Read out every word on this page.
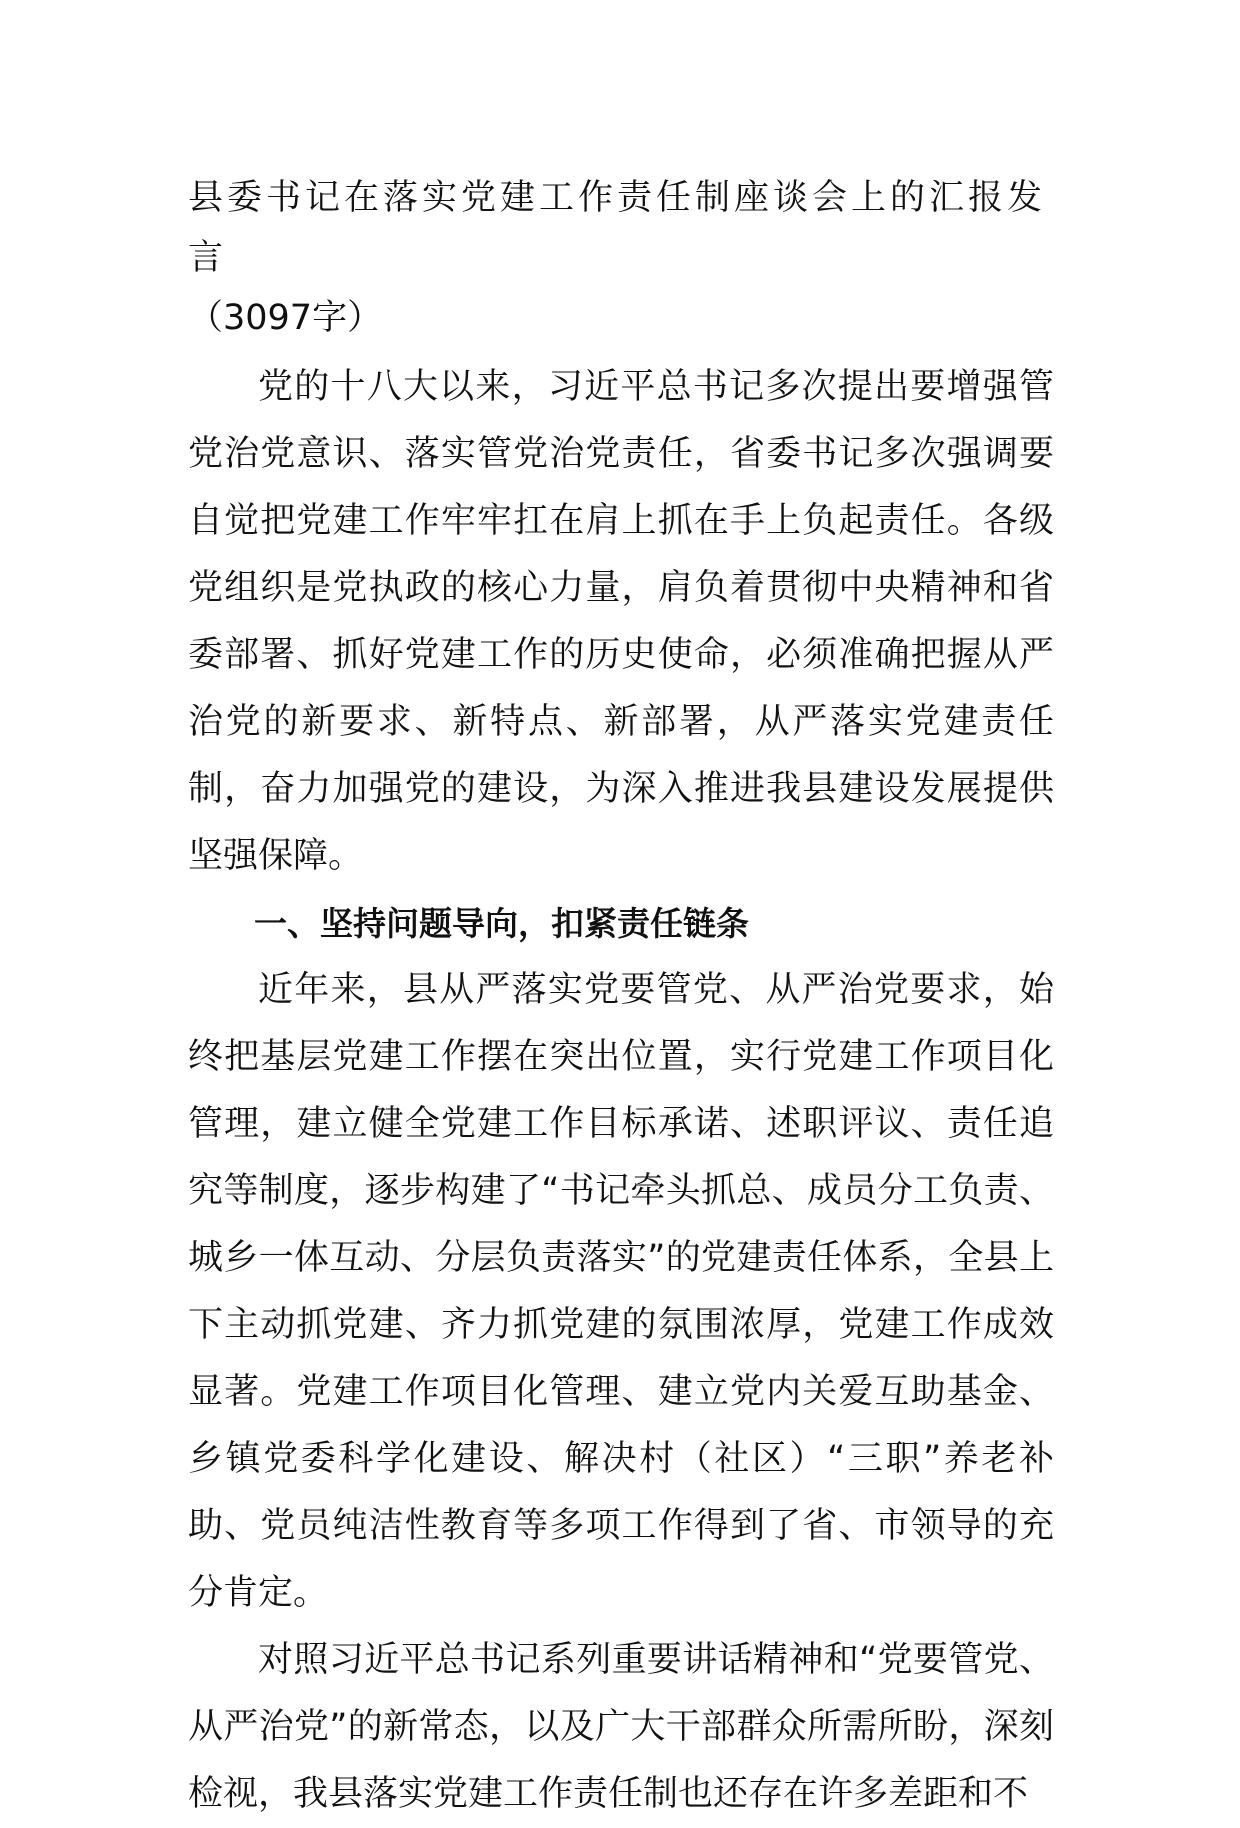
县委书记在落实党建工作责任制座谈会上的汇报发言

（3097字）

党的十八大以来，习近平总书记多次提出要增强管党治党意识、落实管党治党责任，省委书记多次强调要自觉把党建工作牢牢扛在肩上抓在手上负起责任。各级党组织是党执政的核心力量，肩负着贯彻中央精神和省委部署、抓好党建工作的历史使命，必须准确把握从严治党的新要求、新特点、新部署，从严落实党建责任制，奋力加强党的建设，为深入推进我县建设发展提供坚强保障。

一、坚持问题导向，扣紧责任链条

近年来，县从严落实党要管党、从严治党要求，始终把基层党建工作摆在突出位置，实行党建工作项目化管理，建立健全党建工作目标承诺、述职评议、责任追究等制度，逐步构建了“书记牵头抓总、成员分工负责、城乡一体互动、分层负责落实”的党建责任体系，全县上下主动抓党建、齐力抓党建的氛围浓厚，党建工作成效显著。党建工作项目化管理、建立党内关爱互助基金、乡镇党委科学化建设、解决村（社区）“三职”养老补助、党员纯洁性教育等多项工作得到了省、市领导的充分肯定。

对照习近平总书记系列重要讲话精神和“党要管党、从严治党”的新常态，以及广大干部群众所需所盼，深刻检视，我县落实党建工作责任制也还存在许多差距和不
